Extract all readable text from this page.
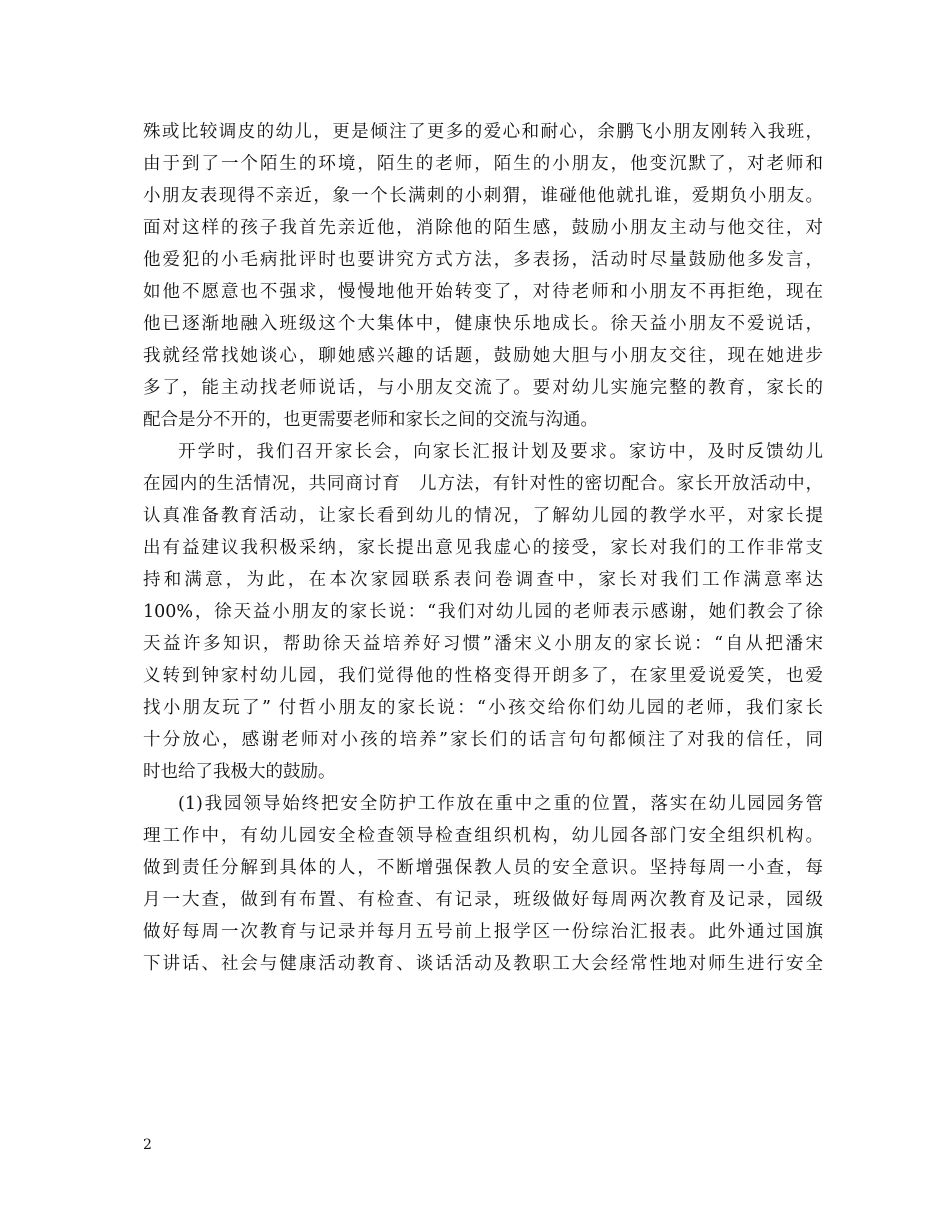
殊或比较调皮的幼儿，更是倾注了更多的爱心和耐心，余鹏飞小朋友刚转入我班，
由于到了一个陌生的环境，陌生的老师，陌生的小朋友，他变沉默了，对老师和
小朋友表现得不亲近，象一个长满刺的小刺猬，谁碰他他就扎谁，爱期负小朋友。
面对这样的孩子我首先亲近他，消除他的陌生感，鼓励小朋友主动与他交往，对
他爱犯的小毛病批评时也要讲究方式方法，多表扬，活动时尽量鼓励他多发言，
如他不愿意也不强求，慢慢地他开始转变了，对待老师和小朋友不再拒绝，现在
他已逐渐地融入班级这个大集体中，健康快乐地成长。徐天益小朋友不爱说话，
我就经常找她谈心，聊她感兴趣的话题，鼓励她大胆与小朋友交往，现在她进步
多了，能主动找老师说话，与小朋友交流了。要对幼儿实施完整的教育，家长的
配合是分不开的，也更需要老师和家长之间的交流与沟通。
开学时，我们召开家长会，向家长汇报计划及要求。家访中，及时反馈幼儿
在园内的生活情况，共同商讨育　儿方法，有针对性的密切配合。家长开放活动中，
认真准备教育活动，让家长看到幼儿的情况，了解幼儿园的教学水平，对家长提
出有益建议我积极采纳，家长提出意见我虚心的接受，家长对我们的工作非常支
持和满意，为此，在本次家园联系表问卷调查中，家长对我们工作满意率达
100%，徐天益小朋友的家长说：“我们对幼儿园的老师表示感谢，她们教会了徐
天益许多知识，帮助徐天益培养好习惯”潘宋义小朋友的家长说：“自从把潘宋
义转到钟家村幼儿园，我们觉得他的性格变得开朗多了，在家里爱说爱笑，也爱
找小朋友玩了” 付哲小朋友的家长说：“小孩交给你们幼儿园的老师，我们家长
十分放心，感谢老师对小孩的培养”家长们的话言句句都倾注了对我的信任，同
时也给了我极大的鼓励。
(1)我园领导始终把安全防护工作放在重中之重的位置，落实在幼儿园园务管
理工作中，有幼儿园安全检查领导检查组织机构，幼儿园各部门安全组织机构。
做到责任分解到具体的人，不断增强保教人员的安全意识。坚持每周一小查，每
月一大查，做到有布置、有检查、有记录，班级做好每周两次教育及记录，园级
做好每周一次教育与记录并每月五号前上报学区一份综治汇报表。此外通过国旗
下讲话、社会与健康活动教育、谈话活动及教职工大会经常性地对师生进行安全
2
